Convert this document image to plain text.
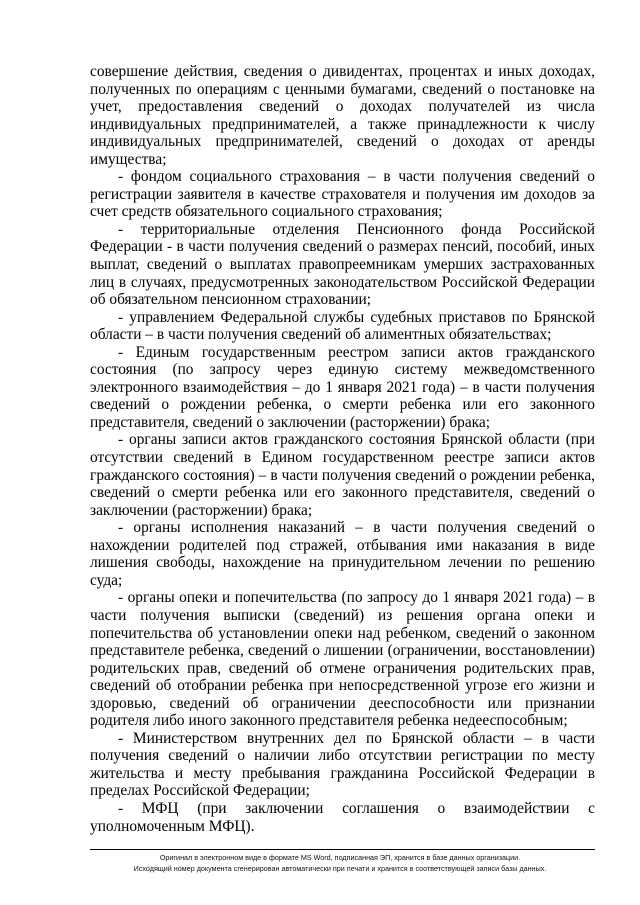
совершение действия, сведения о дивидентах, процентах и иных доходах, полученных по операциям с ценными бумагами, сведений о постановке на учет, предоставления сведений о доходах получателей из числа индивидуальных предпринимателей, а также принадлежности к числу индивидуальных предпринимателей, сведений о доходах от аренды имущества;

- фондом социального страхования – в части получения сведений о регистрации заявителя в качестве страхователя и получения им доходов за счет средств обязательного социального страхования;

- территориальные отделения Пенсионного фонда Российской Федерации - в части получения сведений о размерах пенсий, пособий, иных выплат, сведений о выплатах правопреемникам умерших застрахованных лиц в случаях, предусмотренных законодательством Российской Федерации об обязательном пенсионном страховании;

- управлением Федеральной службы судебных приставов по Брянской области – в части получения сведений об алиментных обязательствах;

- Единым государственным реестром записи актов гражданского состояния (по запросу через единую систему межведомственного электронного взаимодействия – до 1 января 2021 года) – в части получения сведений о рождении ребенка, о смерти ребенка или его законного представителя, сведений о заключении (расторжении) брака;

- органы записи актов гражданского состояния Брянской области (при отсутствии сведений в Едином государственном реестре записи актов гражданского состояния) – в части получения сведений о рождении ребенка, сведений о смерти ребенка или его законного представителя, сведений о заключении (расторжении) брака;

- органы исполнения наказаний – в части получения сведений о нахождении родителей под стражей, отбывания ими наказания в виде лишения свободы, нахождение на принудительном лечении по решению суда;

- органы опеки и попечительства (по запросу до 1 января 2021 года) – в части получения выписки (сведений) из решения органа опеки и попечительства об установлении опеки над ребенком, сведений о законном представителе ребенка, сведений о лишении (ограничении, восстановлении) родительских прав, сведений об отмене ограничения родительских прав, сведений об отобрании ребенка при непосредственной угрозе его жизни и здоровью, сведений об ограничении дееспособности или признании родителя либо иного законного представителя ребенка недееспособным;

- Министерством внутренних дел по Брянской области – в части получения сведений о наличии либо отсутствии регистрации по месту жительства и месту пребывания гражданина Российской Федерации в пределах Российской Федерации;

- МФЦ (при заключении соглашения о взаимодействии с уполномоченным МФЦ).

Оригинал в электронном виде в формате MS Word, подписанная ЭП, хранится в базе данных организации.
Исходящий номер документа сгенерирован автоматически при печати и хранится в соответствующей записи базы данных.
